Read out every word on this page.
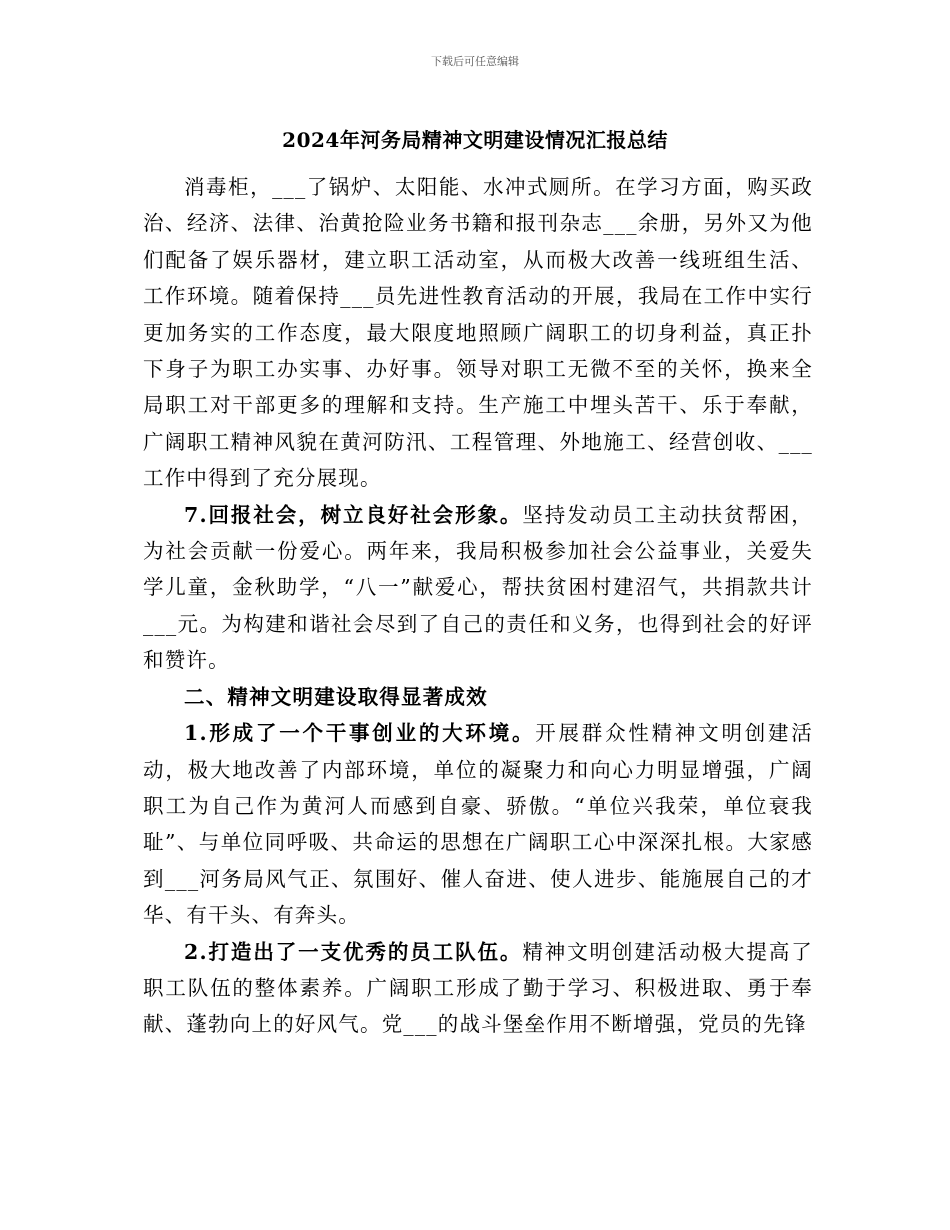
下载后可任意编辑
2024年河务局精神文明建设情况汇报总结

消毒柜，___了锅炉、太阳能、水冲式厕所。在学习方面，购买政治、经济、法律、治黄抢险业务书籍和报刊杂志___余册，另外又为他们配备了娱乐器材，建立职工活动室，从而极大改善一线班组生活、工作环境。随着保持___员先进性教育活动的开展，我局在工作中实行更加务实的工作态度，最大限度地照顾广阔职工的切身利益，真正扑下身子为职工办实事、办好事。领导对职工无微不至的关怀，换来全局职工对干部更多的理解和支持。生产施工中埋头苦干、乐于奉献，广阔职工精神风貌在黄河防汛、工程管理、外地施工、经营创收、___工作中得到了充分展现。

7.回报社会，树立良好社会形象。坚持发动员工主动扶贫帮困，为社会贡献一份爱心。两年来，我局积极参加社会公益事业，关爱失学儿童，金秋助学，“八一”献爱心，帮扶贫困村建沼气，共捐款共计___元。为构建和谐社会尽到了自己的责任和义务，也得到社会的好评和赞许。

二、精神文明建设取得显著成效

1.形成了一个干事创业的大环境。开展群众性精神文明创建活动，极大地改善了内部环境，单位的凝聚力和向心力明显增强，广阔职工为自己作为黄河人而感到自豪、骄傲。“单位兴我荣，单位衰我耻”、与单位同呼吸、共命运的思想在广阔职工心中深深扎根。大家感到___河务局风气正、氛围好、催人奋进、使人进步、能施展自己的才华、有干头、有奔头。

2.打造出了一支优秀的员工队伍。精神文明创建活动极大提高了职工队伍的整体素养。广阔职工形成了勤于学习、积极进取、勇于奉献、蓬勃向上的好风气。党___的战斗堡垒作用不断增强，党员的先锋
